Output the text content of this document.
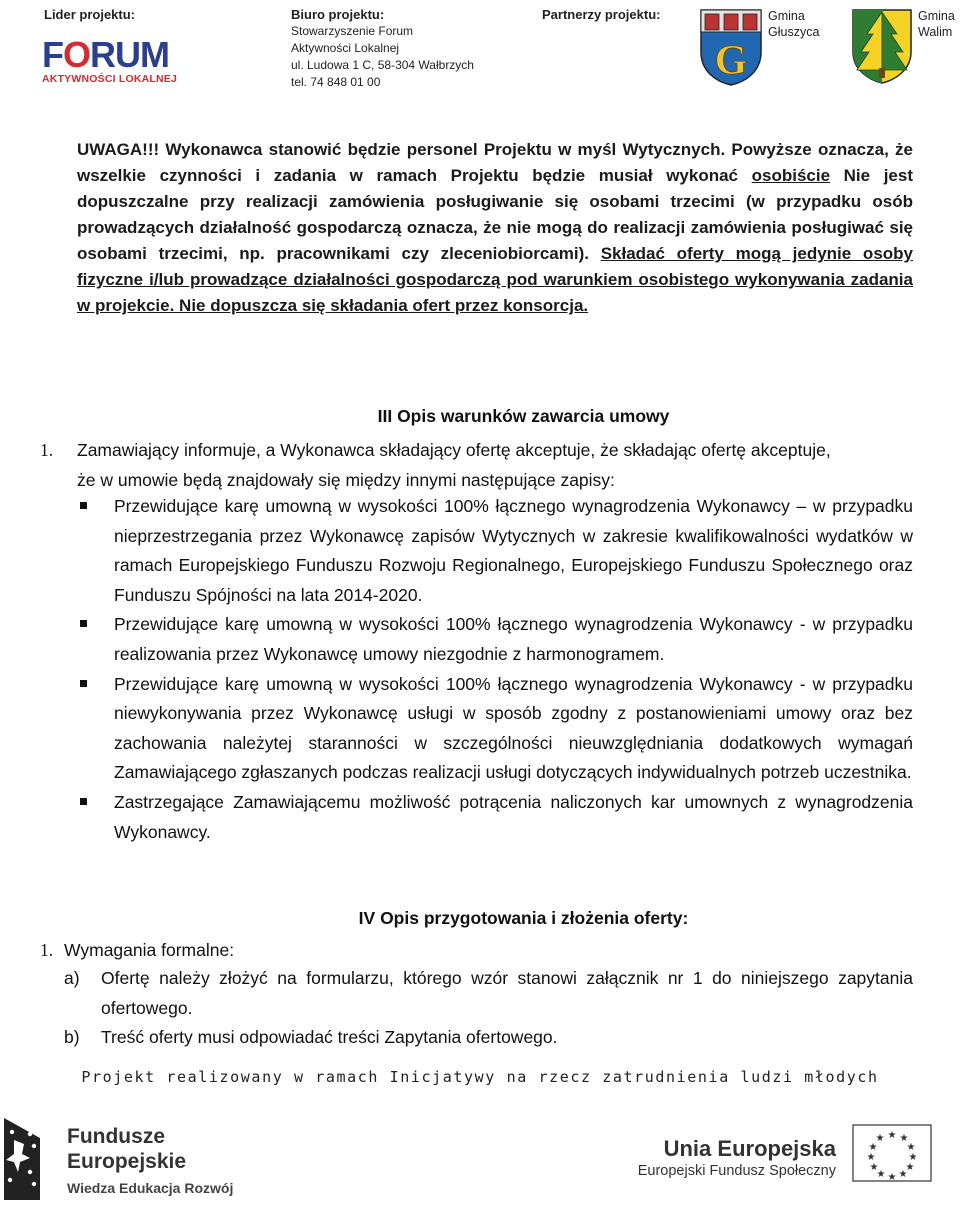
Lider projektu:
FORUM
AKTYWNOŚCI LOKALNEJ
Biuro projektu:
Stowarzyszenie Forum
Aktywności Lokalnej
ul. Ludowa 1 C, 58-304 Wałbrzych
tel. 74 848 01 00
Partnerzy projektu:
G
Gmina
Głuszyca
Gmina
Walim
UWAGA!!! Wykonawca stanowić będzie personel Projektu w myśl Wytycznych. Powyższe oznacza, że wszelkie czynności i zadania w ramach Projektu będzie musiał wykonać osobiście Nie jest dopuszczalne przy realizacji zamówienia posługiwanie się osobami trzecimi (w przypadku osób prowadzących działalność gospodarczą oznacza, że nie mogą do realizacji zamówienia posługiwać się osobami trzecimi, np. pracownikami czy zleceniobiorcami). Składać oferty mogą jedynie osoby fizyczne i/lub prowadzące działalności gospodarczą pod warunkiem osobistego wykonywania zadania w projekcie. Nie dopuszcza się składania ofert przez konsorcja.
III Opis warunków zawarcia umowy
1.	Zamawiający informuje, a Wykonawca składający ofertę akceptuje, że składając ofertę akceptuje,
że w umowie będą znajdowały się między innymi następujące zapisy:
Przewidujące karę umowną w wysokości 100% łącznego wynagrodzenia Wykonawcy – w przypadku nieprzestrzegania przez Wykonawcę zapisów Wytycznych w zakresie kwalifikowalności wydatków w ramach Europejskiego Funduszu Rozwoju Regionalnego, Europejskiego Funduszu Społecznego oraz Funduszu Spójności na lata 2014-2020.
Przewidujące karę umowną w wysokości 100% łącznego wynagrodzenia Wykonawcy - w przypadku realizowania przez Wykonawcę umowy niezgodnie z harmonogramem.
Przewidujące karę umowną w wysokości 100% łącznego wynagrodzenia Wykonawcy - w przypadku niewykonywania przez Wykonawcę usługi w sposób zgodny z postanowieniami umowy oraz bez zachowania należytej staranności w szczególności nieuwzględniania dodatkowych wymagań Zamawiającego zgłaszanych podczas realizacji usługi dotyczących indywidualnych potrzeb uczestnika.
Zastrzegające Zamawiającemu możliwość potrącenia naliczonych kar umownych z wynagrodzenia Wykonawcy.
IV Opis przygotowania i złożenia oferty:
1. Wymagania formalne:
a) Ofertę należy złożyć na formularzu, którego wzór stanowi załącznik nr 1 do niniejszego zapytania ofertowego.
b) Treść oferty musi odpowiadać treści Zapytania ofertowego.
Projekt realizowany w ramach Inicjatywy na rzecz zatrudnienia ludzi młodych
Fundusze
Europejskie
Wiedza Edukacja Rozwój
Unia Europejska
Europejski Fundusz Społeczny
★ ★
★
★
★
★
★
★
★
★
★
★
